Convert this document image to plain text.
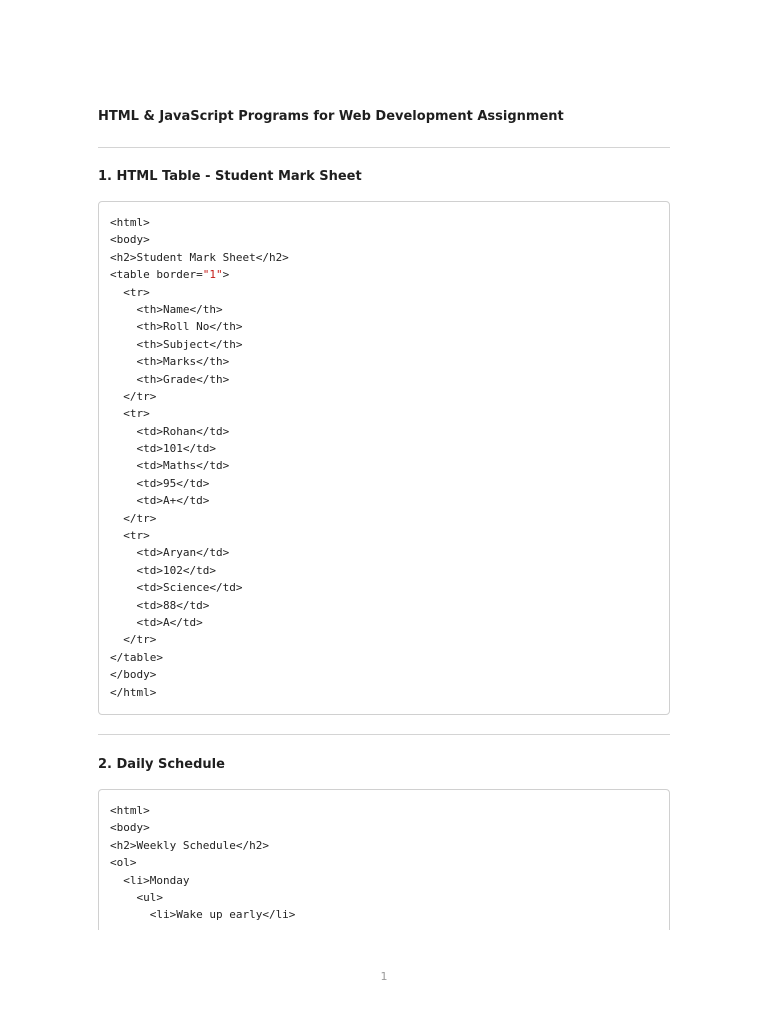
HTML & JavaScript Programs for Web Development Assignment
1. HTML Table - Student Mark Sheet
<html>
<body>
<h2>Student Mark Sheet</h2>
<table border="1">
<tr>
<th>Name</th>
<th>Roll No</th>
<th>Subject</th>
<th>Marks</th>
<th>Grade</th>
</tr>
<tr>
<td>Rohan</td>
<td>101</td>
<td>Maths</td>
<td>95</td>
<td>A+</td>
</tr>
<tr>
<td>Aryan</td>
<td>102</td>
<td>Science</td>
<td>88</td>
<td>A</td>
</tr>
</table>
</body>
</html>
2. Daily Schedule
<html>
<body>
<h2>Weekly Schedule</h2>
<ol>
<li>Monday
<ul>
<li>Wake up early</li>
1
